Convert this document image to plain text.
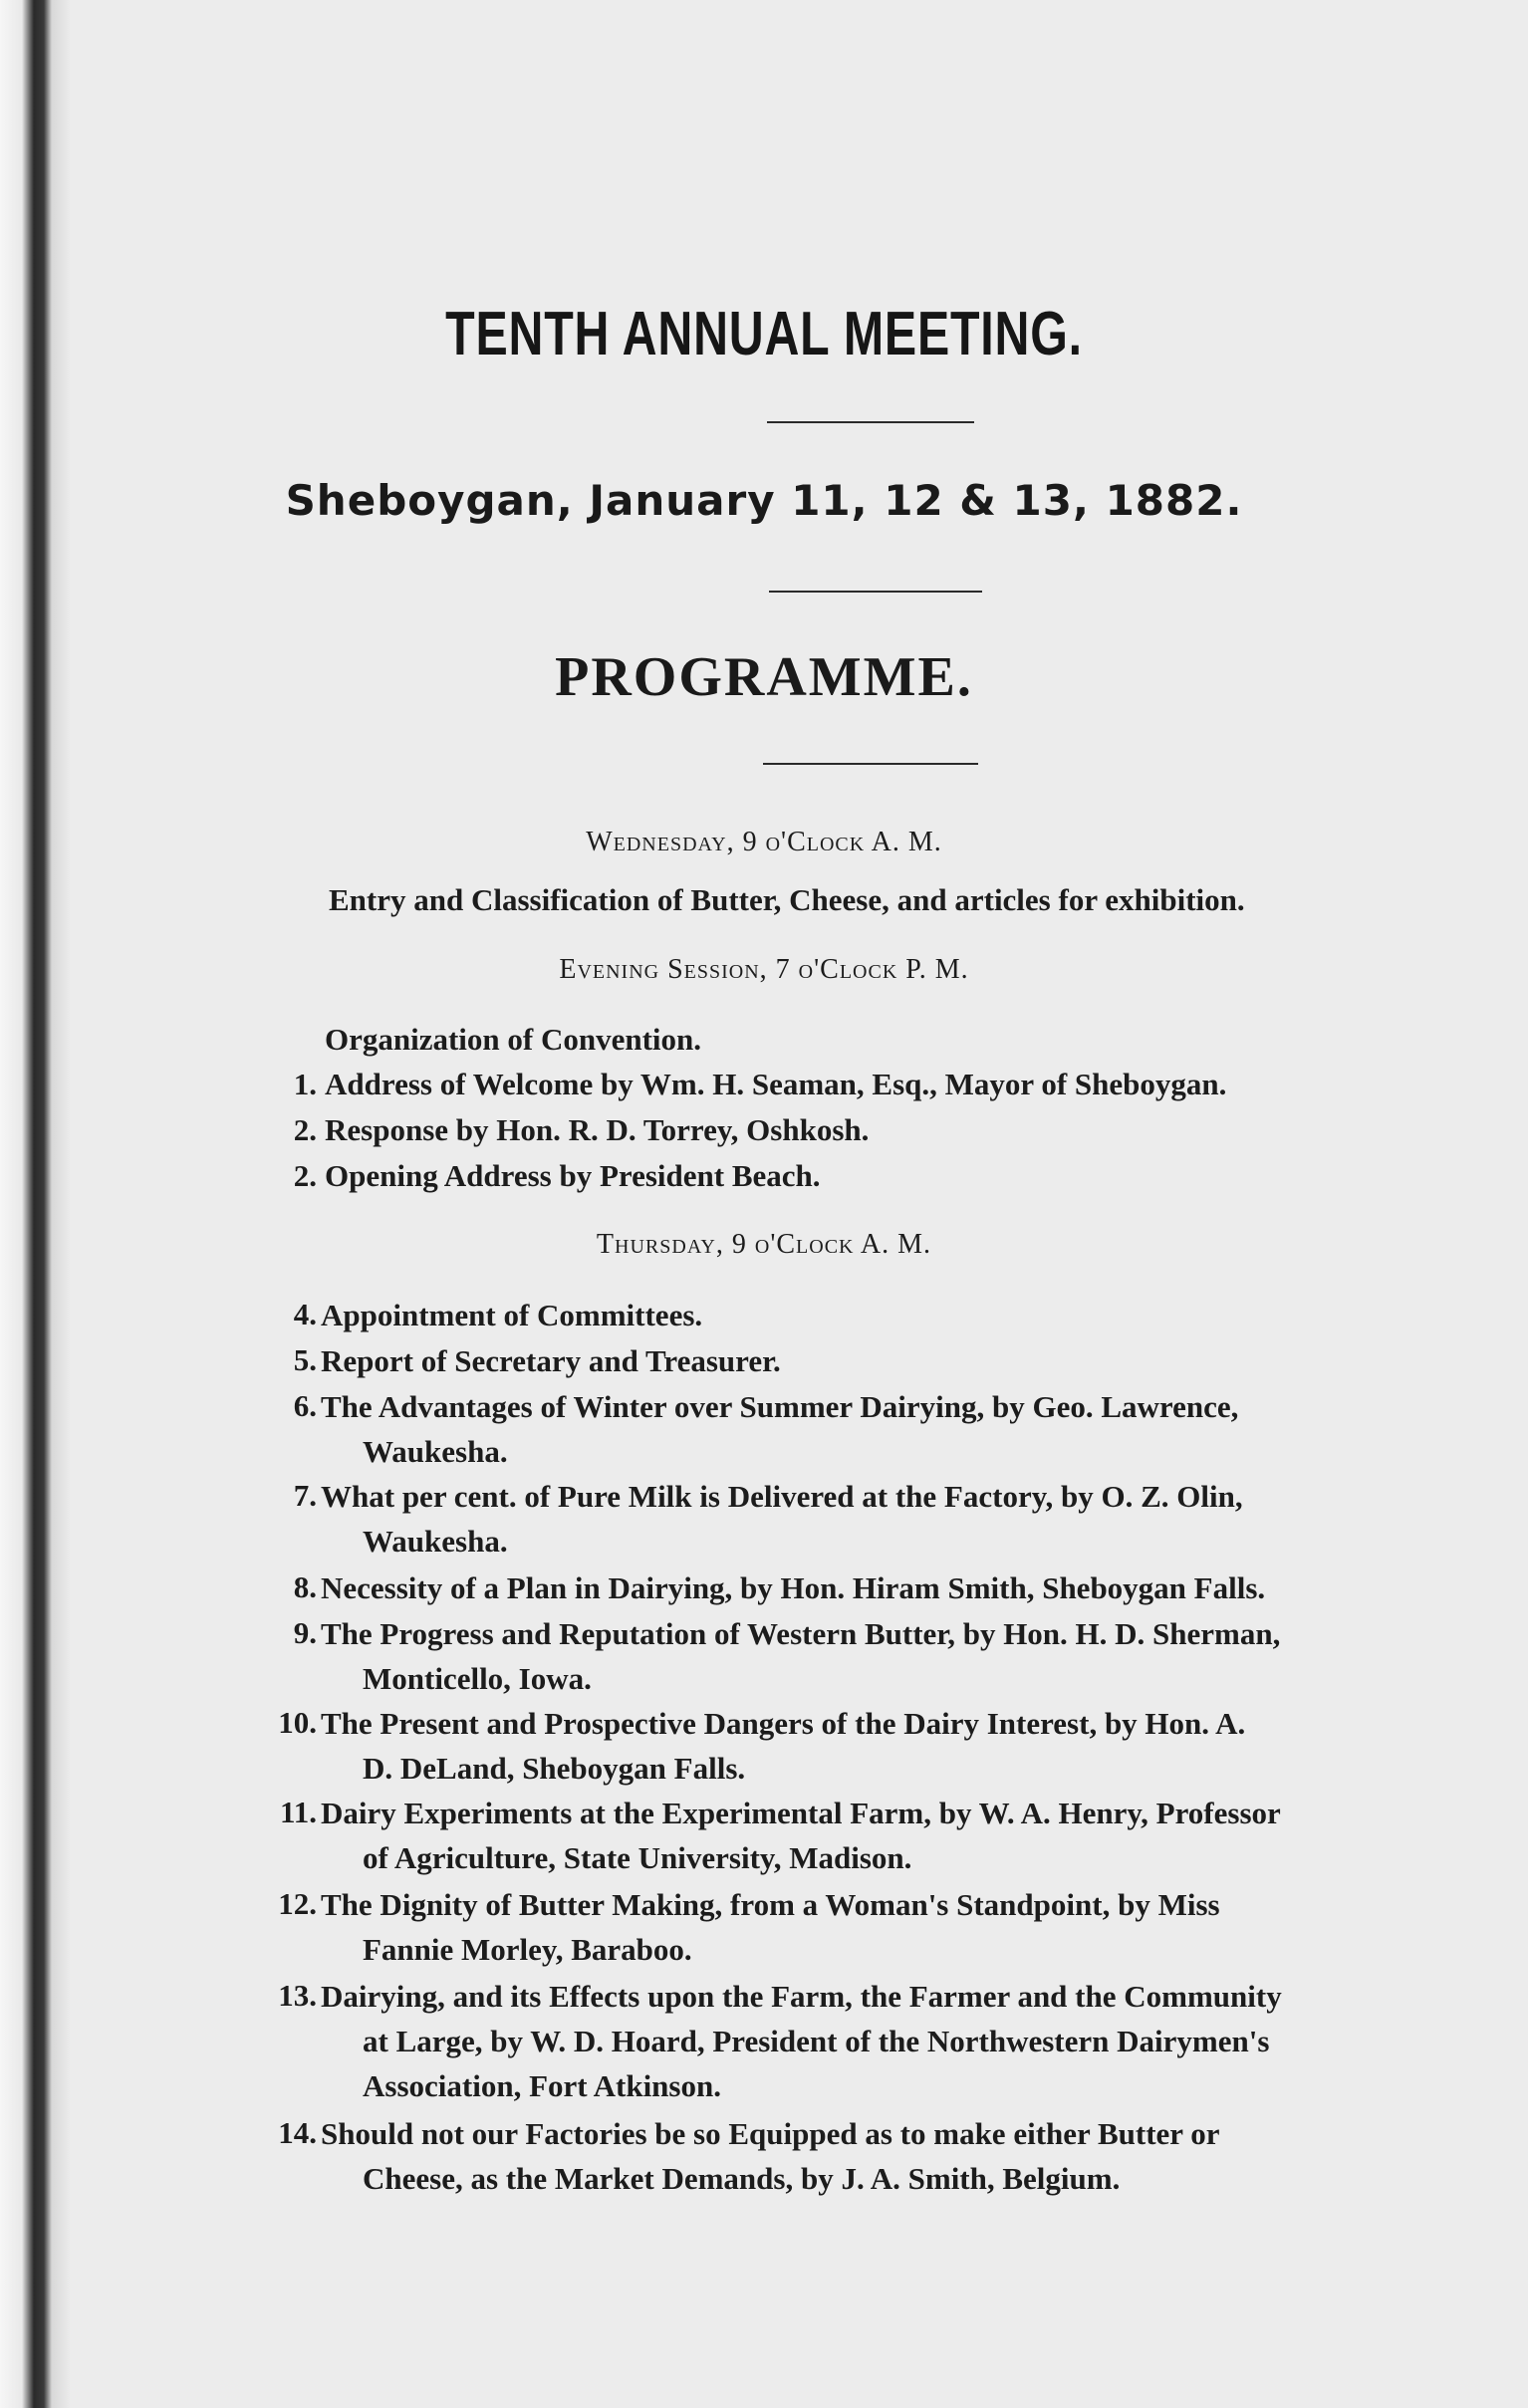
TENTH ANNUAL MEETING.
Sheboygan, January 11, 12 & 13, 1882.
PROGRAMME.

Wednesday, 9 o'Clock A. M.

Entry and Classification of Butter, Cheese, and articles for exhibition.

Evening Session, 7 o'Clock P. M.

Organization of Convention.

1. Address of Welcome by Wm. H. Seaman, Esq., Mayor of Sheboygan.

2. Response by Hon. R. D. Torrey, Oshkosh.

2. Opening Address by President Beach.

Thursday, 9 o'Clock A. M.

4. Appointment of Committees.

5. Report of Secretary and Treasurer.

6. The Advantages of Winter over Summer Dairying, by Geo. Lawrence,
Waukesha.

7. What per cent. of Pure Milk is Delivered at the Factory, by O. Z. Olin,
Waukesha.

8. Necessity of a Plan in Dairying, by Hon. Hiram Smith, Sheboygan Falls.

9. The Progress and Reputation of Western Butter, by Hon. H. D. Sherman,
Monticello, Iowa.

10. The Present and Prospective Dangers of the Dairy Interest, by Hon. A.
D. DeLand, Sheboygan Falls.

11. Dairy Experiments at the Experimental Farm, by W. A. Henry, Professor
of Agriculture, State University, Madison.

12. The Dignity of Butter Making, from a Woman's Standpoint, by Miss
Fannie Morley, Baraboo.

13. Dairying, and its Effects upon the Farm, the Farmer and the Community
at Large, by W. D. Hoard, President of the Northwestern Dairymen's
Association, Fort Atkinson.

14. Should not our Factories be so Equipped as to make either Butter or
Cheese, as the Market Demands, by J. A. Smith, Belgium.
